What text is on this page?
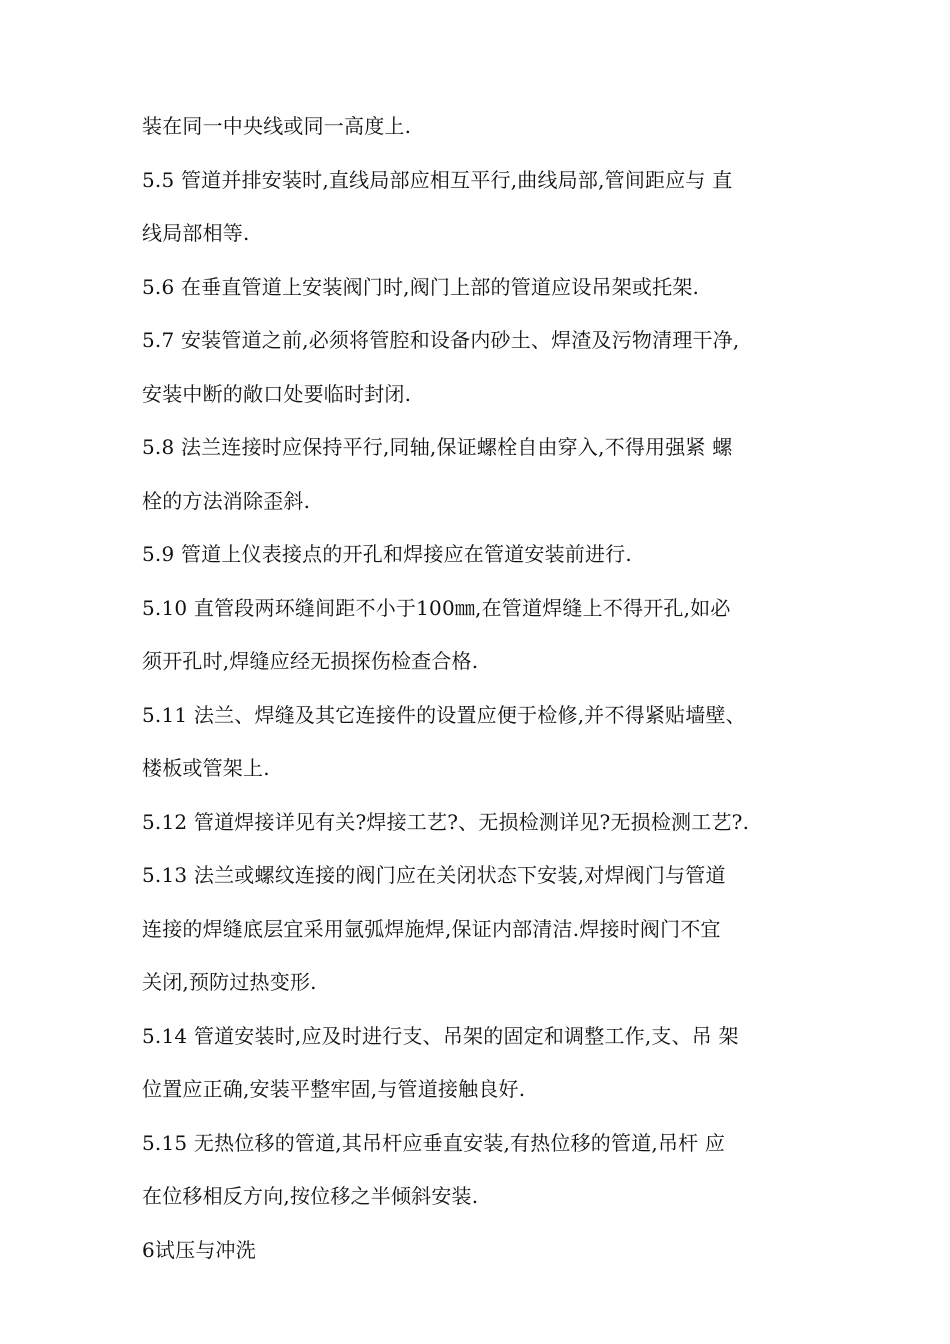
装在同一中央线或同一高度上.
5.5 管道并排安装时,直线局部应相互平行,曲线局部,管间距应与 直
线局部相等.
5.6 在垂直管道上安装阀门时,阀门上部的管道应设吊架或托架.
5.7 安装管道之前,必须将管腔和设备内砂土、焊渣及污物清理干净,
安装中断的敞口处要临时封闭.
5.8 法兰连接时应保持平行,同轴,保证螺栓自由穿入,不得用强紧 螺
栓的方法消除歪斜.
5.9 管道上仪表接点的开孔和焊接应在管道安装前进行.
5.10 直管段两环缝间距不小于100㎜,在管道焊缝上不得开孔,如必
须开孔时,焊缝应经无损探伤检查合格.
5.11 法兰、焊缝及其它连接件的设置应便于检修,并不得紧贴墙壁、
楼板或管架上.
5.12 管道焊接详见有关?焊接工艺?、无损检测详见?无损检测工艺?.
5.13 法兰或螺纹连接的阀门应在关闭状态下安装,对焊阀门与管道
连接的焊缝底层宜采用氩弧焊施焊,保证内部清洁.焊接时阀门不宜
关闭,预防过热变形.
5.14 管道安装时,应及时进行支、吊架的固定和调整工作,支、吊 架
位置应正确,安装平整牢固,与管道接触良好.
5.15 无热位移的管道,其吊杆应垂直安装,有热位移的管道,吊杆 应
在位移相反方向,按位移之半倾斜安装.
6试压与冲洗
